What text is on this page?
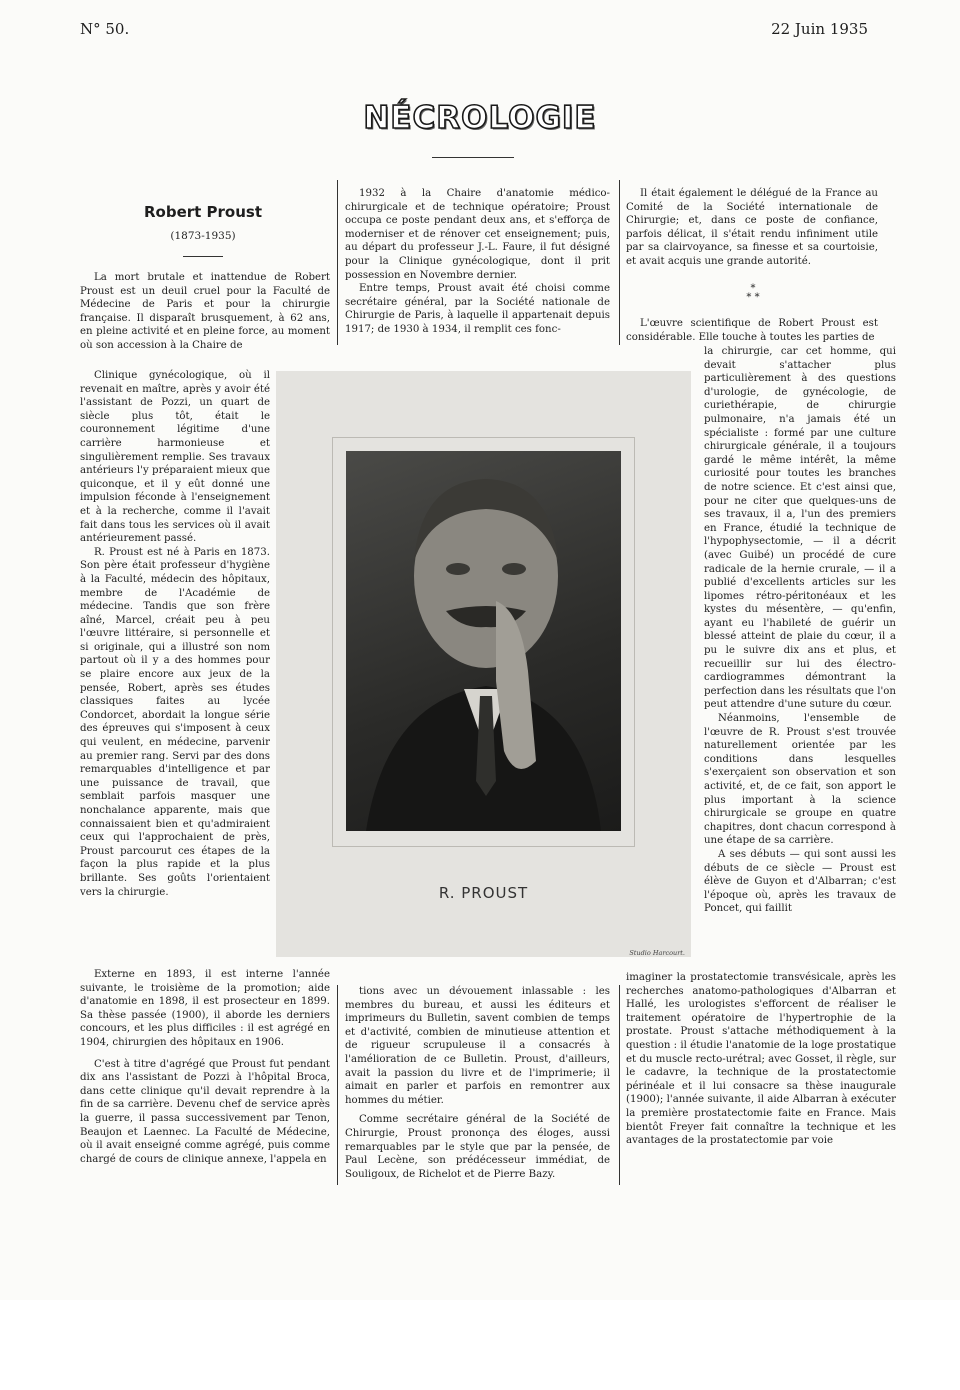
N° 50.	22 Juin 1935
NÉCROLOGIE
Robert Proust
(1873-1935)

La mort brutale et inattendue de Robert Proust est un deuil cruel pour la Faculté de Médecine de Paris et pour la chirurgie française. Il disparaît brusquement, à 62 ans, en pleine activité et en pleine force, au moment où son accession à la Chaire de

Clinique gynécologique, où il revenait en maître, après y avoir été l'assistant de Pozzi, un quart de siècle plus tôt, était le couronnement légitime d'une carrière harmonieuse et singulièrement remplie. Ses travaux antérieurs l'y préparaient mieux que quiconque, et il y eût donné une impulsion féconde à l'enseignement et à la recherche, comme il l'avait fait dans tous les services où il avait antérieurement passé.

R. Proust est né à Paris en 1873. Son père était professeur d'hygiène à la Faculté, médecin des hôpitaux, membre de l'Académie de médecine. Tandis que son frère aîné, Marcel, créait peu à peu l'œuvre littéraire, si personnelle et si originale, qui a illustré son nom partout où il y a des hommes pour se plaire encore aux jeux de la pensée, Robert, après ses études classiques faites au lycée Condorcet, abordait la longue série des épreuves qui s'imposent à ceux qui veulent, en médecine, parvenir au premier rang. Servi par des dons remarquables d'intelligence et par une puissance de travail, que semblait parfois masquer une nonchalance apparente, mais que connaissaient bien et qu'admiraient ceux qui l'approchaient de près, Proust parcourut ces étapes de la façon la plus rapide et la plus brillante. Ses goûts l'orientaient vers la chirurgie.

Externe en 1893, il est interne l'année suivante, le troisième de la promotion; aide d'anatomie en 1898, il est prosecteur en 1899. Sa thèse passée (1900), il aborde les derniers concours, et les plus difficiles : il est agrégé en 1904, chirurgien des hôpitaux en 1906.

C'est à titre d'agrégé que Proust fut pendant dix ans l'assistant de Pozzi à l'hôpital Broca, dans cette clinique qu'il devait reprendre à la fin de sa carrière. Devenu chef de service après la guerre, il passa successivement par Tenon, Beaujon et Laennec. La Faculté de Médecine, où il avait enseigné comme agrégé, puis comme chargé de cours de clinique annexe, l'appela en

1932 à la Chaire d'anatomie médico-chirurgicale et de technique opératoire; Proust occupa ce poste pendant deux ans, et s'efforça de moderniser et de rénover cet enseignement; puis, au départ du professeur J.-L. Faure, il fut désigné pour la Clinique gynécologique, dont il prit possession en Novembre dernier.

Entre temps, Proust avait été choisi comme secrétaire général, par la Société nationale de Chirurgie de Paris, à laquelle il appartenait depuis 1917; de 1930 à 1934, il remplit ces fonc-

tions avec un dévouement inlassable : les membres du bureau, et aussi les éditeurs et imprimeurs du Bulletin, savent combien de temps et d'activité, combien de minutieuse attention et de rigueur scrupuleuse il a consacrés à l'amélioration de ce Bulletin. Proust, d'ailleurs, avait la passion du livre et de l'imprimerie; il aimait en parler et parfois en remontrer aux hommes du métier.

Comme secrétaire général de la Société de Chirurgie, Proust prononça des éloges, aussi remarquables par le style que par la pensée, de Paul Lecène, son prédécesseur immédiat, de Souligoux, de Richelot et de Pierre Bazy.

Il était également le délégué de la France au Comité de la Société internationale de Chirurgie; et, dans ce poste de confiance, parfois délicat, il s'était rendu infiniment utile par sa clairvoyance, sa finesse et sa courtoisie, et avait acquis une grande autorité.

*
* *

L'œuvre scientifique de Robert Proust est considérable. Elle touche à toutes les parties de

la chirurgie, car cet homme, qui devait s'attacher plus particulièrement à des questions d'urologie, de gynécologie, de curiethérapie, de chirurgie pulmonaire, n'a jamais été un spécialiste : formé par une culture chirurgicale générale, il a toujours gardé le même intérêt, la même curiosité pour toutes les branches de notre science. Et c'est ainsi que, pour ne citer que quelques-uns de ses travaux, il a, l'un des premiers en France, étudié la technique de l'hypophysectomie, — il a décrit (avec Guibé) un procédé de cure radicale de la hernie crurale, — il a publié d'excellents articles sur les lipomes rétro-péritonéaux et les kystes du mésentère, — qu'enfin, ayant eu l'habileté de guérir un blessé atteint de plaie du cœur, il a pu le suivre dix ans et plus, et recueillir sur lui des électro-cardiogrammes démontrant la perfection dans les résultats que l'on peut attendre d'une suture du cœur.

Néanmoins, l'ensemble de l'œuvre de R. Proust s'est trouvée naturellement orientée par les conditions dans lesquelles s'exerçaient son observation et son activité, et, de ce fait, son apport le plus important à la science chirurgicale se groupe en quatre chapitres, dont chacun correspond à une étape de sa carrière.

A ses débuts — qui sont aussi les débuts de ce siècle — Proust est élève de Guyon et d'Albarran; c'est l'époque où, après les travaux de Poncet, qui faillit

imaginer la prostatectomie transvésicale, après les recherches anatomo-pathologiques d'Albarran et Hallé, les urologistes s'efforcent de réaliser le traitement opératoire de l'hypertrophie de la prostate. Proust s'attache méthodiquement à la question : il étudie l'anatomie de la loge prostatique et du muscle recto-urétral; avec Gosset, il règle, sur le cadavre, la technique de la prostatectomie périnéale et il lui consacre sa thèse inaugurale (1900); l'année suivante, il aide Albarran à exécuter la première prostatectomie faite en France. Mais bientôt Freyer fait connaître la technique et les avantages de la prostatectomie par voie

R. PROUST
Studio Harcourt.
